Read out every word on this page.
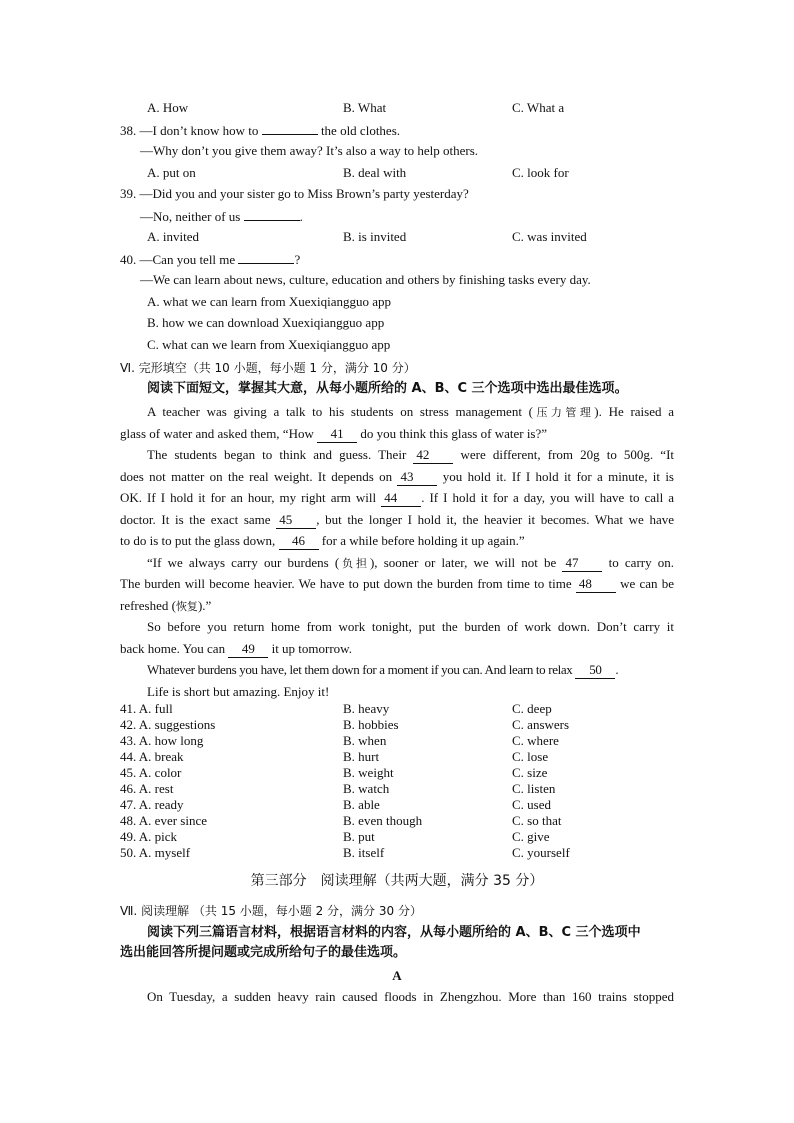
A. How	B. What	C. What a
38. —I don’t know how to	the old clothes.
—Why don’t you give them away? It’s also a way to help others.
A. put on	B. deal with	C. look for
39. —Did you and your sister go to Miss Brown’s party yesterday?
—No, neither of us	.
A. invited	B. is invited	C. was invited
40. —Can you tell me	?
—We can learn about news, culture, education and others by finishing tasks every day.
A. what we can learn from Xuexiqiangguo app
B. how we can download Xuexiqiangguo app
C. what can we learn from Xuexiqiangguo app
Ⅵ. 完形填空（共 10 小题，每小题 1 分，满分 10 分）
阅读下面短文，掌握其大意，从每小题所给的 A、B、C 三个选项中选出最佳选项。
A teacher was giving a talk to his students on stress management (压力管理). He raised a
glass of water and asked them, “How 41 do you think this glass of water is?”
The students began to think and guess. Their 42 were different, from 20g to 500g. “It
does not matter on the real weight. It depends on 43 you hold it. If I hold it for a minute, it is
OK. If I hold it for an hour, my right arm will 44 . If I hold it for a day, you will have to call a
doctor. It is the exact same 45 , but the longer I hold it, the heavier it becomes. What we have
to do is to put the glass down, 46 for a while before holding it up again.”
“If we always carry our burdens (负担), sooner or later, we will not be 47 to carry on.
The burden will become heavier. We have to put down the burden from time to time 48 we can be
refreshed (恢复).”
So before you return home from work tonight, put the burden of work down. Don’t carry it
back home. You can 49 it up tomorrow.
Whatever burdens you have, let them down for a moment if you can. And learn to relax 50 .
Life is short but amazing. Enjoy it!
41. A. full	B. heavy	C. deep
42. A. suggestions	B. hobbies	C. answers
43. A. how long	B. when	C. where
44. A. break	B. hurt	C. lose
45. A. color	B. weight	C. size
46. A. rest	B. watch	C. listen
47. A. ready	B. able	C. used
48. A. ever since	B. even though	C. so that
49. A. pick	B. put	C. give
50. A. myself	B. itself	C. yourself
第三部分　阅读理解（共两大题，满分 35 分）
Ⅶ. 阅读理解 （共 15 小题，每小题 2 分，满分 30 分）
阅读下列三篇语言材料，根据语言材料的内容，从每小题所给的 A、B、C 三个选项中
选出能回答所提问题或完成所给句子的最佳选项。
A
On Tuesday, a sudden heavy rain caused floods in Zhengzhou. More than 160 trains stopped
